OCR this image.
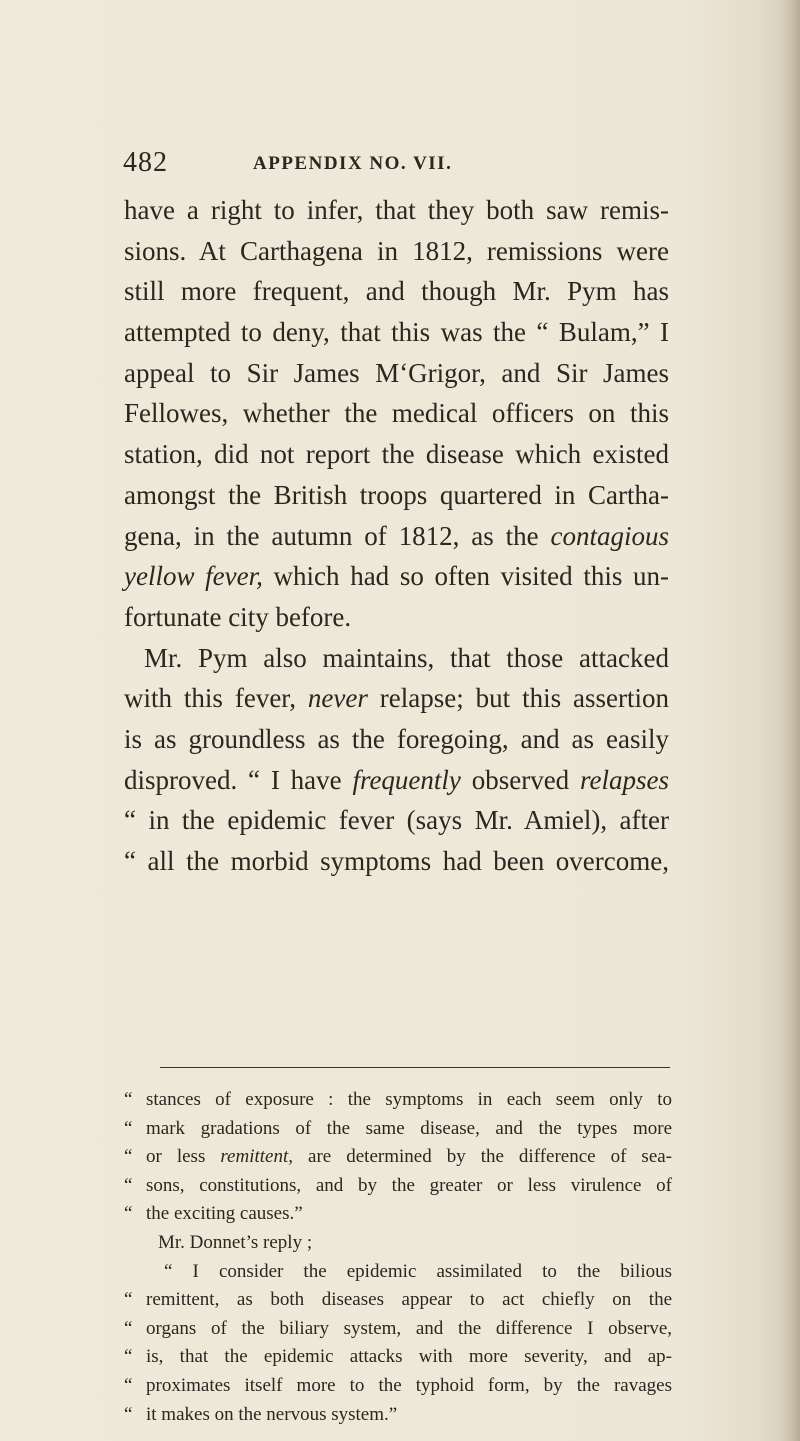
482	APPENDIX NO. VII.
have a right to infer, that they both saw remis-
sions. At Carthagena in 1812, remissions were
still more frequent, and though Mr. Pym has
attempted to deny, that this was the “ Bulam,” I
appeal to Sir James M‘Grigor, and Sir James
Fellowes, whether the medical officers on this
station, did not report the disease which existed
amongst the British troops quartered in Cartha-
gena, in the autumn of 1812, as the contagious
yellow fever, which had so often visited this un-
fortunate city before.
Mr. Pym also maintains, that those attacked
with this fever, never relapse; but this assertion
is as groundless as the foregoing, and as easily
disproved. “ I have frequently observed relapses
“ in the epidemic fever (says Mr. Amiel), after
“ all the morbid symptoms had been overcome,
“ stances of exposure : the symptoms in each seem only to
“ mark gradations of the same disease, and the types more
“ or less remittent, are determined by the difference of sea-
“ sons, constitutions, and by the greater or less virulence of
“ the exciting causes.”
Mr. Donnet’s reply ;
“ I consider the epidemic assimilated to the bilious
“ remittent, as both diseases appear to act chiefly on the
“ organs of the biliary system, and the difference I observe,
“ is, that the epidemic attacks with more severity, and ap-
“ proximates itself more to the typhoid form, by the ravages
“ it makes on the nervous system.”
